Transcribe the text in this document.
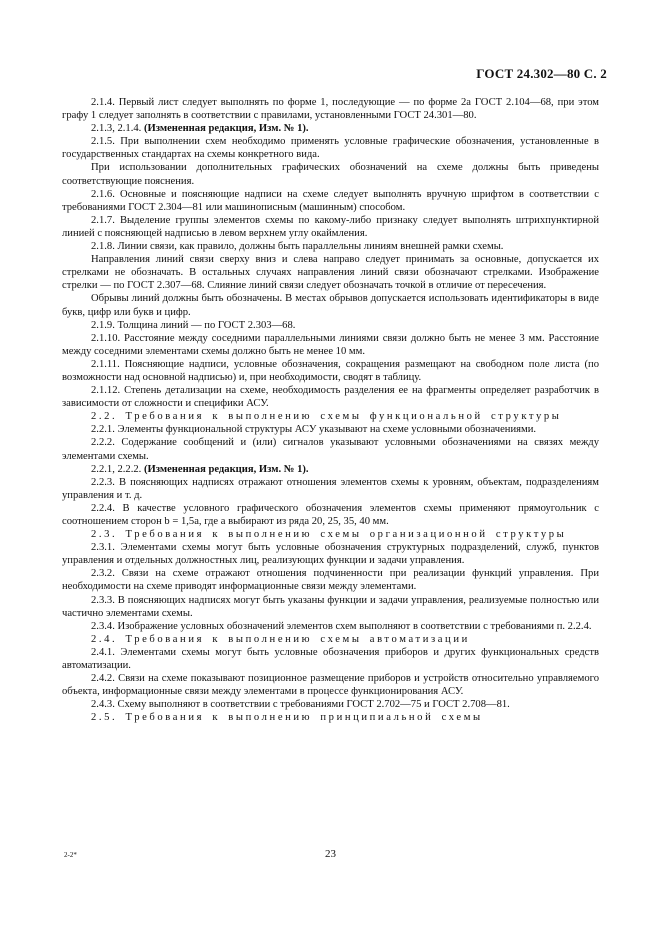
ГОСТ 24.302—80 С. 2

2.1.4. Первый лист следует выполнять по форме 1, последующие — по форме 2а ГОСТ 2.104—68, при этом графу 1 следует заполнять в соответствии с правилами, установленными ГОСТ 24.301—80.

2.1.3, 2.1.4. (Измененная редакция, Изм. № 1).

2.1.5. При выполнении схем необходимо применять условные графические обозначения, установленные в государственных стандартах на схемы конкретного вида.

При использовании дополнительных графических обозначений на схеме должны быть приведены соответствующие пояснения.

2.1.6. Основные и поясняющие надписи на схеме следует выполнять вручную шрифтом в соответствии с требованиями ГОСТ 2.304—81 или машинописным (машинным) способом.

2.1.7. Выделение группы элементов схемы по какому-либо признаку следует выполнять штрихпунктирной линией с поясняющей надписью в левом верхнем углу окаймления.

2.1.8. Линии связи, как правило, должны быть параллельны линиям внешней рамки схемы.

Направления линий связи сверху вниз и слева направо следует принимать за основные, допускается их стрелками не обозначать. В остальных случаях направления линий связи обозначают стрелками. Изображение стрелки — по ГОСТ 2.307—68. Слияние линий связи следует обозначать точкой в отличие от пересечения.

Обрывы линий должны быть обозначены. В местах обрывов допускается использовать идентификаторы в виде букв, цифр или букв и цифр.

2.1.9. Толщина линий — по ГОСТ 2.303—68.

2.1.10. Расстояние между соседними параллельными линиями связи должно быть не менее 3 мм. Расстояние между соседними элементами схемы должно быть не менее 10 мм.

2.1.11. Поясняющие надписи, условные обозначения, сокращения размещают на свободном поле листа (по возможности над основной надписью) и, при необходимости, сводят в таблицу.

2.1.12. Степень детализации на схеме, необходимость разделения ее на фрагменты определяет разработчик в зависимости от сложности и специфики АСУ.

2.2. Требования к выполнению схемы функциональной структуры

2.2.1. Элементы функциональной структуры АСУ указывают на схеме условными обозначениями.

2.2.2. Содержание сообщений и (или) сигналов указывают условными обозначениями на связях между элементами схемы.

2.2.1, 2.2.2. (Измененная редакция, Изм. № 1).

2.2.3. В поясняющих надписях отражают отношения элементов схемы к уровням, объектам, подразделениям управления и т. д.

2.2.4. В качестве условного графического обозначения элементов схемы применяют прямоугольник с соотношением сторон b = 1,5a, где a выбирают из ряда 20, 25, 35, 40 мм.

2.3. Требования к выполнению схемы организационной структуры

2.3.1. Элементами схемы могут быть условные обозначения структурных подразделений, служб, пунктов управления и отдельных должностных лиц, реализующих функции и задачи управления.

2.3.2. Связи на схеме отражают отношения подчиненности при реализации функций управления. При необходимости на схеме приводят информационные связи между элементами.

2.3.3. В поясняющих надписях могут быть указаны функции и задачи управления, реализуемые полностью или частично элементами схемы.

2.3.4. Изображение условных обозначений элементов схем выполняют в соответствии с требованиями п. 2.2.4.

2.4. Требования к выполнению схемы автоматизации

2.4.1. Элементами схемы могут быть условные обозначения приборов и других функциональных средств автоматизации.

2.4.2. Связи на схеме показывают позиционное размещение приборов и устройств относительно управляемого объекта, информационные связи между элементами в процессе функционирования АСУ.

2.4.3. Схему выполняют в соответствии с требованиями ГОСТ 2.702—75 и ГОСТ 2.708—81.

2.5. Требования к выполнению принципиальной схемы

2-2*	23
